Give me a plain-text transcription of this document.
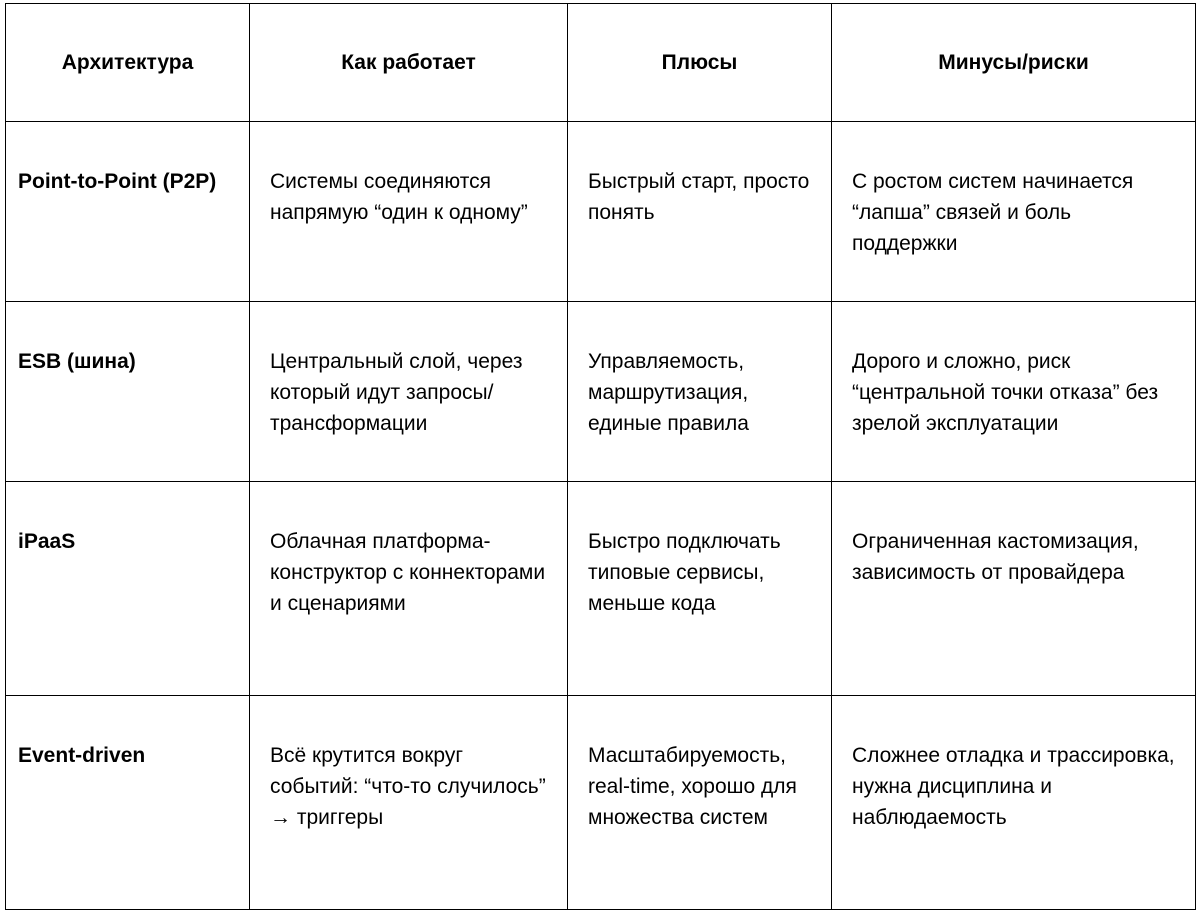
Архитектура	Как работает	Плюсы	Минусы/риски
Point-to-Point (P2P)	Системы соединяются напрямую “один к одному”	Быстрый старт, просто понять	С ростом систем начинается “лапша” связей и боль поддержки
ESB (шина)	Центральный слой, через который идут запросы/трансформации	Управляемость, маршрутизация, единые правила	Дорого и сложно, риск “центральной точки отказа” без зрелой эксплуатации
iPaaS	Облачная платформа-конструктор с коннекторами и сценариями	Быстро подключать типовые сервисы, меньше кода	Ограниченная кастомизация, зависимость от провайдера
Event-driven	Всё крутится вокруг событий: “что-то случилось” → триггеры	Масштабируемость, real-time, хорошо для множества систем	Сложнее отладка и трассировка, нужна дисциплина и наблюдаемость
